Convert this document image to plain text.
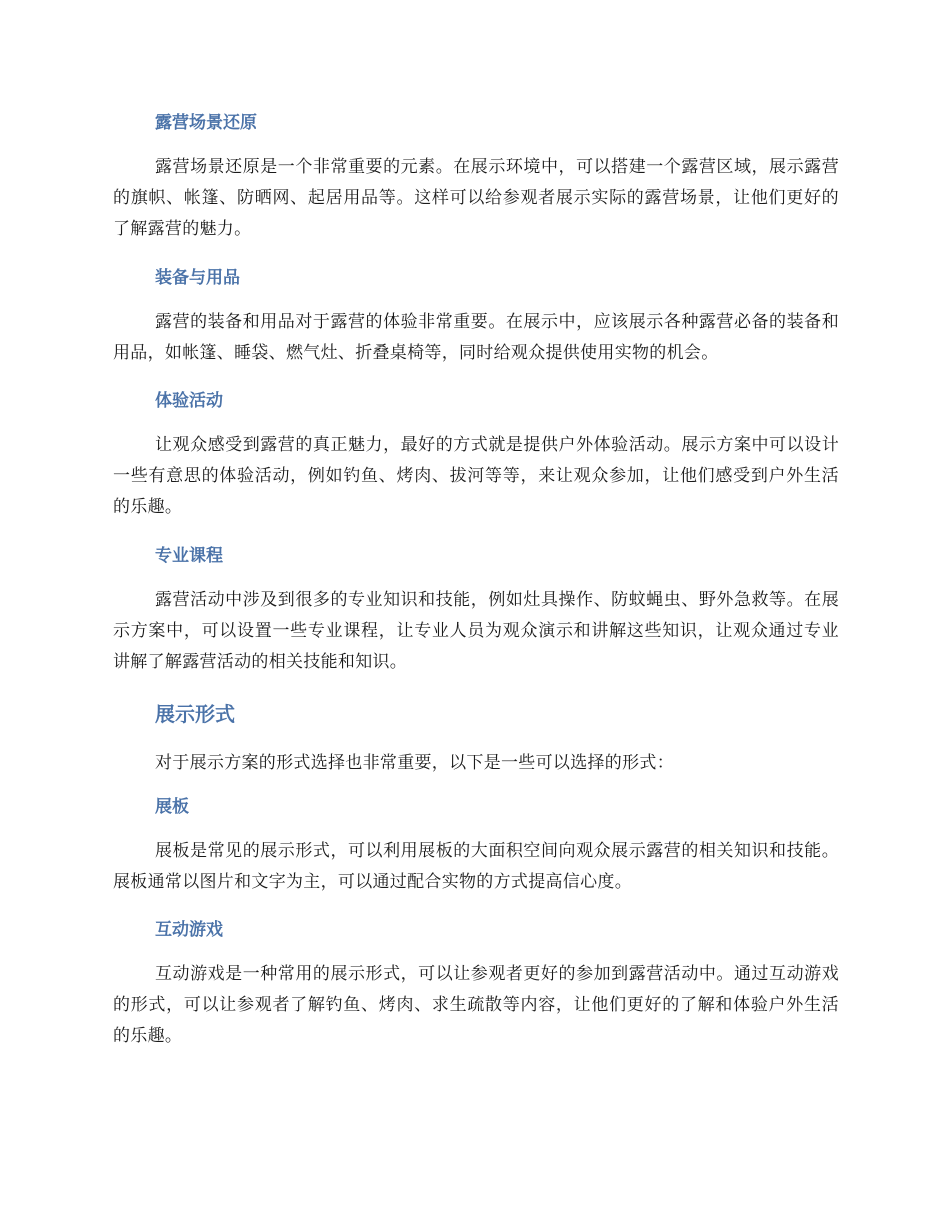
露营场景还原

露营场景还原是一个非常重要的元素。在展示环境中，可以搭建一个露营区域，展示露营的旗帜、帐篷、防晒网、起居用品等。这样可以给参观者展示实际的露营场景，让他们更好的了解露营的魅力。

装备与用品

露营的装备和用品对于露营的体验非常重要。在展示中，应该展示各种露营必备的装备和用品，如帐篷、睡袋、燃气灶、折叠桌椅等，同时给观众提供使用实物的机会。

体验活动

让观众感受到露营的真正魅力，最好的方式就是提供户外体验活动。展示方案中可以设计一些有意思的体验活动，例如钓鱼、烤肉、拔河等等，来让观众参加，让他们感受到户外生活的乐趣。

专业课程

露营活动中涉及到很多的专业知识和技能，例如灶具操作、防蚊蝇虫、野外急救等。在展示方案中，可以设置一些专业课程，让专业人员为观众演示和讲解这些知识，让观众通过专业讲解了解露营活动的相关技能和知识。

展示形式

对于展示方案的形式选择也非常重要，以下是一些可以选择的形式：

展板

展板是常见的展示形式，可以利用展板的大面积空间向观众展示露营的相关知识和技能。展板通常以图片和文字为主，可以通过配合实物的方式提高信心度。

互动游戏

互动游戏是一种常用的展示形式，可以让参观者更好的参加到露营活动中。通过互动游戏的形式，可以让参观者了解钓鱼、烤肉、求生疏散等内容，让他们更好的了解和体验户外生活的乐趣。
